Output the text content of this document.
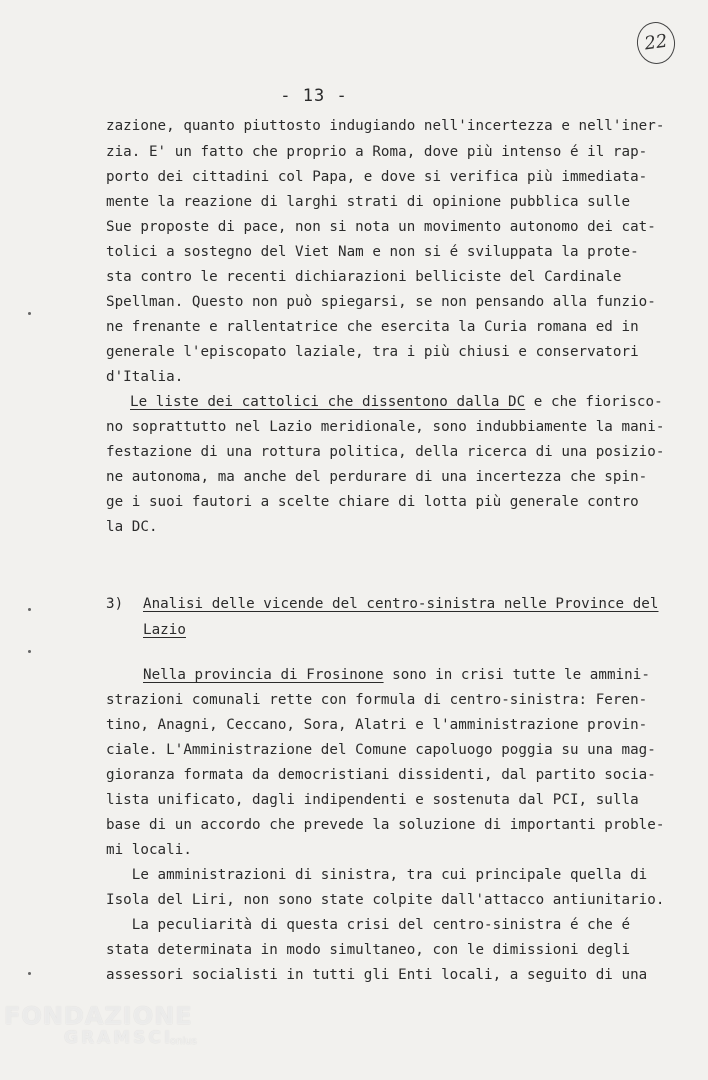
- 13 -
22
zazione, quanto piuttosto indugiando nell'incertezza e nell'iner-
zia. E' un fatto che proprio a Roma, dove più intenso é il rap-
porto dei cittadini col Papa, e dove si verifica più immediata-
mente la reazione di larghi strati di opinione pubblica sulle
Sue proposte di pace, non si nota un movimento autonomo dei cat-
tolici a sostegno del Viet Nam e non si é sviluppata la prote-
sta contro le recenti dichiarazioni belliciste del Cardinale
Spellman. Questo non può spiegarsi, se non pensando alla funzio-
ne frenante e rallentatrice che esercita la Curia romana ed in
generale l'episcopato laziale, tra i più chiusi e conservatori
d'Italia.
Le liste dei cattolici che dissentono dalla DC e che fiorisco-
no soprattutto nel Lazio meridionale, sono indubbiamente la mani-
festazione di una rottura politica, della ricerca di una posizio-
ne autonoma, ma anche del perdurare di una incertezza che spin-
ge i suoi fautori a scelte chiare di lotta più generale contro
la DC.
3) Analisi delle vicende del centro-sinistra nelle Province del
Lazio
Nella provincia di Frosinone sono in crisi tutte le ammini-
strazioni comunali rette con formula di centro-sinistra: Feren-
tino, Anagni, Ceccano, Sora, Alatri e l'amministrazione provin-
ciale. L'Amministrazione del Comune capoluogo poggia su una mag-
gioranza formata da democristiani dissidenti, dal partito socia-
lista unificato, dagli indipendenti e sostenuta dal PCI, sulla
base di un accordo che prevede la soluzione di importanti proble-
mi locali.
Le amministrazioni di sinistra, tra cui principale quella di
Isola del Liri, non sono state colpite dall'attacco antiunitario.
La peculiarità di questa crisi del centro-sinistra é che é
stata determinata in modo simultaneo, con le dimissioni degli
assessori socialisti in tutti gli Enti locali, a seguito di una
FONDAZIONE
GRAMSCI
onlus
